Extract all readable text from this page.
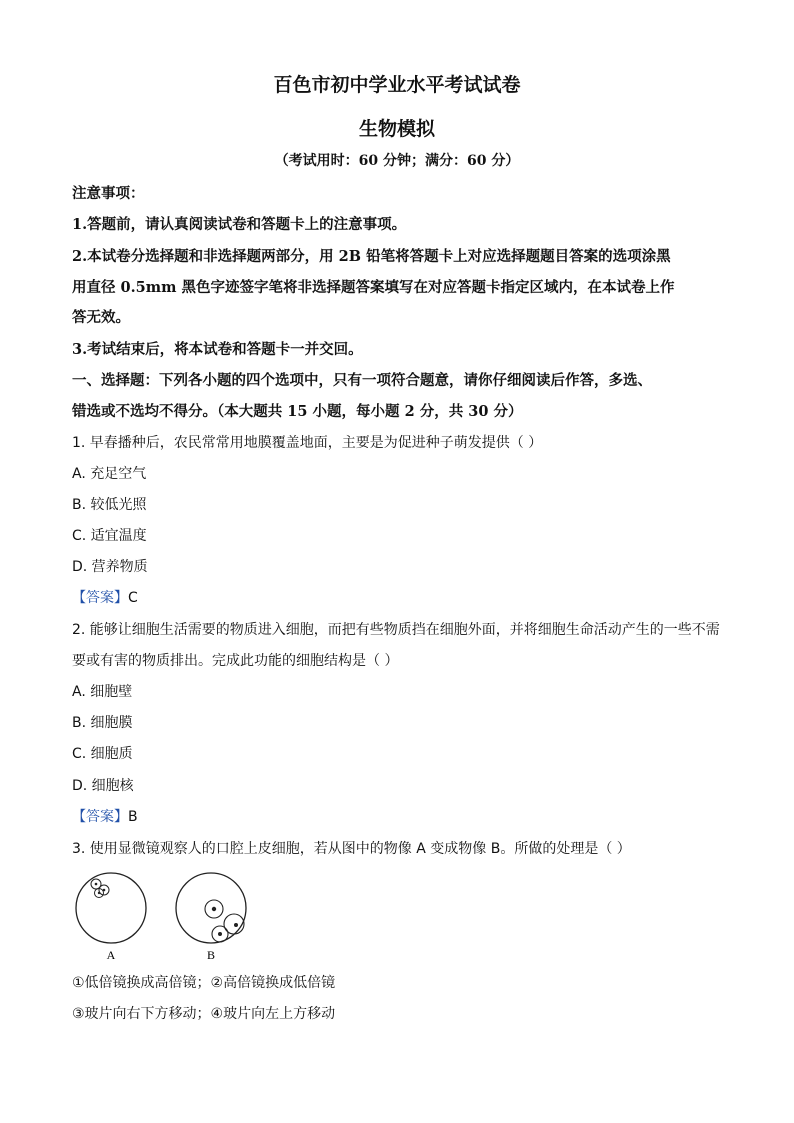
百色市初中学业水平考试试卷
生物模拟
（考试用时：60 分钟；满分：60 分）
注意事项：
1.答题前，请认真阅读试卷和答题卡上的注意事项。
2.本试卷分选择题和非选择题两部分，用 2B 铅笔将答题卡上对应选择题题目答案的选项涂黑
用直径 0.5mm 黑色字迹签字笔将非选择题答案填写在对应答题卡指定区域内，在本试卷上作
答无效。
3.考试结束后，将本试卷和答题卡一并交回。
一、选择题：下列各小题的四个选项中，只有一项符合题意，请你仔细阅读后作答，多选、
错选或不选均不得分。（本大题共 15 小题，每小题 2 分，共 30 分）
1. 早春播种后，农民常常用地膜覆盖地面，主要是为促进种子萌发提供（ ）
A. 充足空气
B. 较低光照
C. 适宜温度
D. 营养物质
【答案】C
2. 能够让细胞生活需要的物质进入细胞，而把有些物质挡在细胞外面，并将细胞生命活动产生的一些不需
要或有害的物质排出。完成此功能的细胞结构是（ ）
A. 细胞壁
B. 细胞膜
C. 细胞质
D. 细胞核
【答案】B
3. 使用显微镜观察人的口腔上皮细胞，若从图中的物像 A 变成物像 B。所做的处理是（ ）
A	B
①低倍镜换成高倍镜；②高倍镜换成低倍镜
③玻片向右下方移动；④玻片向左上方移动
